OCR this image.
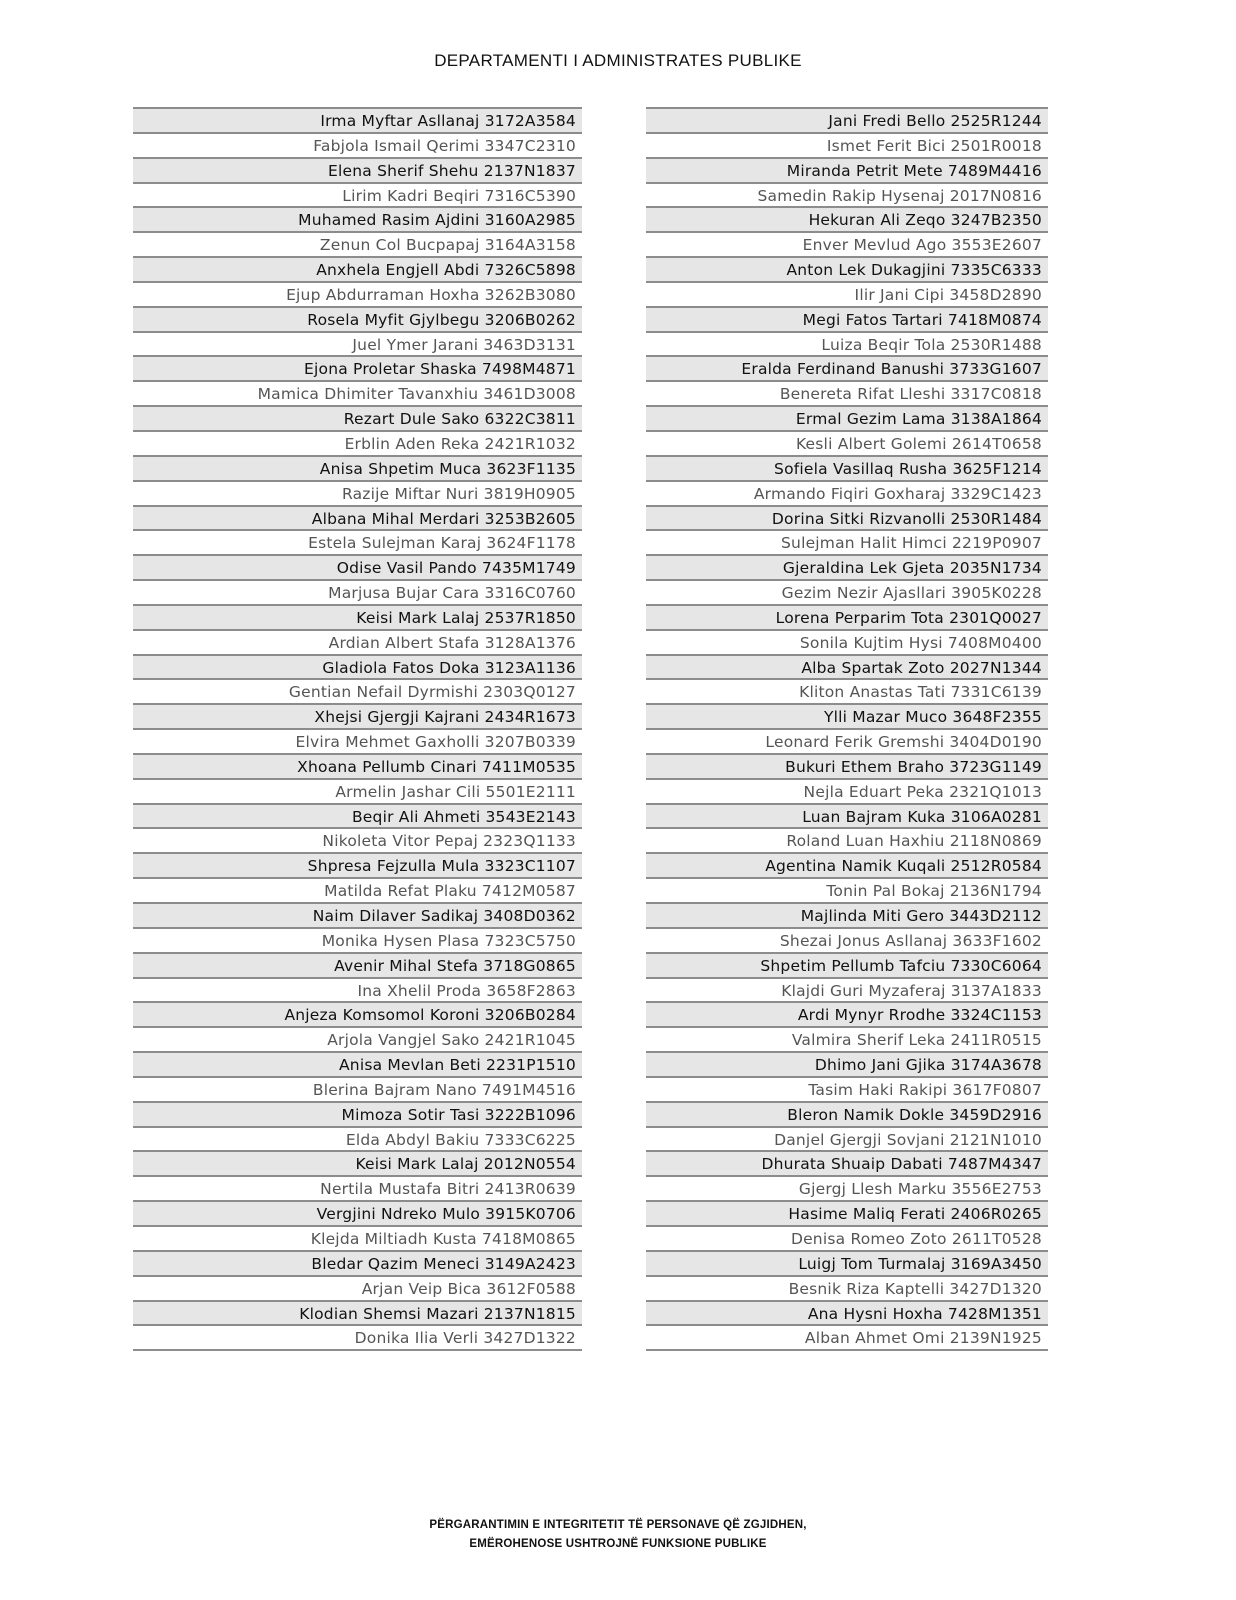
DEPARTAMENTI I ADMINISTRATES PUBLIKE
Irma Myftar Asllanaj 3172A3584
Fabjola Ismail Qerimi 3347C2310
Elena Sherif Shehu 2137N1837
Lirim Kadri Beqiri 7316C5390
Muhamed Rasim Ajdini 3160A2985
Zenun Col Bucpapaj 3164A3158
Anxhela Engjell Abdi 7326C5898
Ejup Abdurraman Hoxha 3262B3080
Rosela Myfit Gjylbegu 3206B0262
Juel Ymer Jarani 3463D3131
Ejona Proletar Shaska 7498M4871
Mamica Dhimiter Tavanxhiu 3461D3008
Rezart Dule Sako 6322C3811
Erblin Aden Reka 2421R1032
Anisa Shpetim Muca 3623F1135
Razije Miftar Nuri 3819H0905
Albana Mihal Merdari 3253B2605
Estela Sulejman Karaj 3624F1178
Odise Vasil Pando 7435M1749
Marjusa Bujar Cara 3316C0760
Keisi Mark Lalaj 2537R1850
Ardian Albert Stafa 3128A1376
Gladiola Fatos Doka 3123A1136
Gentian Nefail Dyrmishi 2303Q0127
Xhejsi Gjergji Kajrani 2434R1673
Elvira Mehmet Gaxholli 3207B0339
Xhoana Pellumb Cinari 7411M0535
Armelin Jashar Cili 5501E2111
Beqir Ali Ahmeti 3543E2143
Nikoleta Vitor Pepaj 2323Q1133
Shpresa Fejzulla Mula 3323C1107
Matilda Refat Plaku 7412M0587
Naim Dilaver Sadikaj 3408D0362
Monika Hysen Plasa 7323C5750
Avenir Mihal Stefa 3718G0865
Ina Xhelil Proda 3658F2863
Anjeza Komsomol Koroni 3206B0284
Arjola Vangjel Sako 2421R1045
Anisa Mevlan Beti 2231P1510
Blerina Bajram Nano 7491M4516
Mimoza Sotir Tasi 3222B1096
Elda Abdyl Bakiu 7333C6225
Keisi Mark Lalaj 2012N0554
Nertila Mustafa Bitri 2413R0639
Vergjini Ndreko Mulo 3915K0706
Klejda Miltiadh Kusta 7418M0865
Bledar Qazim Meneci 3149A2423
Arjan Veip Bica 3612F0588
Klodian Shemsi Mazari 2137N1815
Donika Ilia Verli 3427D1322
Jani Fredi Bello 2525R1244
Ismet Ferit Bici 2501R0018
Miranda Petrit Mete 7489M4416
Samedin Rakip Hysenaj 2017N0816
Hekuran Ali Zeqo 3247B2350
Enver Mevlud Ago 3553E2607
Anton Lek Dukagjini 7335C6333
Ilir Jani Cipi 3458D2890
Megi Fatos Tartari 7418M0874
Luiza Beqir Tola 2530R1488
Eralda Ferdinand Banushi 3733G1607
Benereta Rifat Lleshi 3317C0818
Ermal Gezim Lama 3138A1864
Kesli Albert Golemi 2614T0658
Sofiela Vasillaq Rusha 3625F1214
Armando Fiqiri Goxharaj 3329C1423
Dorina Sitki Rizvanolli 2530R1484
Sulejman Halit Himci 2219P0907
Gjeraldina Lek Gjeta 2035N1734
Gezim Nezir Ajasllari 3905K0228
Lorena Perparim Tota 2301Q0027
Sonila Kujtim Hysi 7408M0400
Alba Spartak Zoto 2027N1344
Kliton Anastas Tati 7331C6139
Ylli Mazar Muco 3648F2355
Leonard Ferik Gremshi 3404D0190
Bukuri Ethem Braho 3723G1149
Nejla Eduart Peka 2321Q1013
Luan Bajram Kuka 3106A0281
Roland Luan Haxhiu 2118N0869
Agentina Namik Kuqali 2512R0584
Tonin Pal Bokaj 2136N1794
Majlinda Miti Gero 3443D2112
Shezai Jonus Asllanaj 3633F1602
Shpetim Pellumb Tafciu 7330C6064
Klajdi Guri Myzaferaj 3137A1833
Ardi Mynyr Rrodhe 3324C1153
Valmira Sherif Leka 2411R0515
Dhimo Jani Gjika 3174A3678
Tasim Haki Rakipi 3617F0807
Bleron Namik Dokle 3459D2916
Danjel Gjergji Sovjani 2121N1010
Dhurata Shuaip Dabati 7487M4347
Gjergj Llesh Marku 3556E2753
Hasime Maliq Ferati 2406R0265
Denisa Romeo Zoto 2611T0528
Luigj Tom Turmalaj 3169A3450
Besnik Riza Kaptelli 3427D1320
Ana Hysni Hoxha 7428M1351
Alban Ahmet Omi 2139N1925
PËRGARANTIMIN E INTEGRITETIT TË PERSONAVE QË ZGJIDHEN,
EMËROHENOSE USHTROJNË FUNKSIONE PUBLIKE
